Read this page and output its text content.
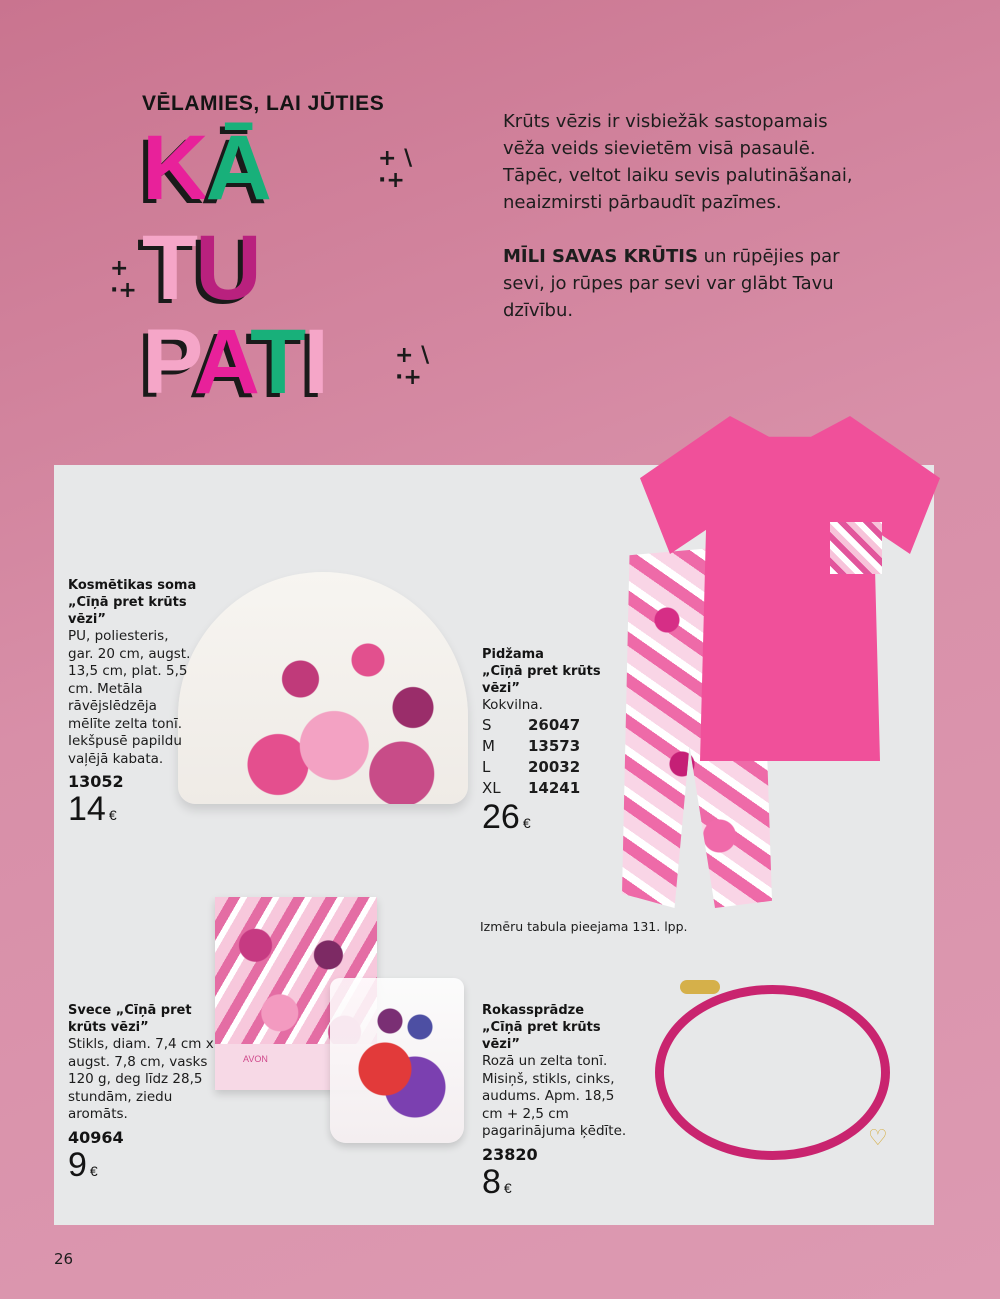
VĒLAMIES, LAI JŪTIES
KĀ
TU
PATI
+ \
·+
+
·+
+ \
·+

Krūts vēzis ir visbiežāk sastopamais vēža veids sievietēm visā pasaulē. Tāpēc, veltot laiku sevis palutināšanai, neaizmirsti pārbaudīt pazīmes.

MĪLI SAVAS KRŪTIS un rūpējies par sevi, jo rūpes par sevi var glābt Tavu dzīvību.

AVON
♡
Kosmētikas soma
„Cīņā pret krūts
vēzi”
PU, poliesteris, gar. 20 cm, augst. 13,5 cm, plat. 5,5 cm. Metāla rāvējslēdzēja mēlīte zelta tonī. Iekšpusē papildu vaļējā kabata.
13052
14 €
Pidžama
„Cīņā pret krūts
vēzi”
Kokvilna.
S	26047
M	13573
L	20032
XL	14241
26 €
Izmēru tabula pieejama 131. lpp.
Svece „Cīņā pret
krūts vēzi”
Stikls, diam. 7,4 cm x augst. 7,8 cm, vasks 120 g, deg līdz 28,5 stundām, ziedu aromāts.
40964
9 €
Rokassprādze
„Cīņā pret krūts
vēzi”
Rozā un zelta tonī. Misiņš, stikls, cinks, audums. Apm. 18,5 cm + 2,5 cm pagarinājuma ķēdīte.
23820
8 €
26
